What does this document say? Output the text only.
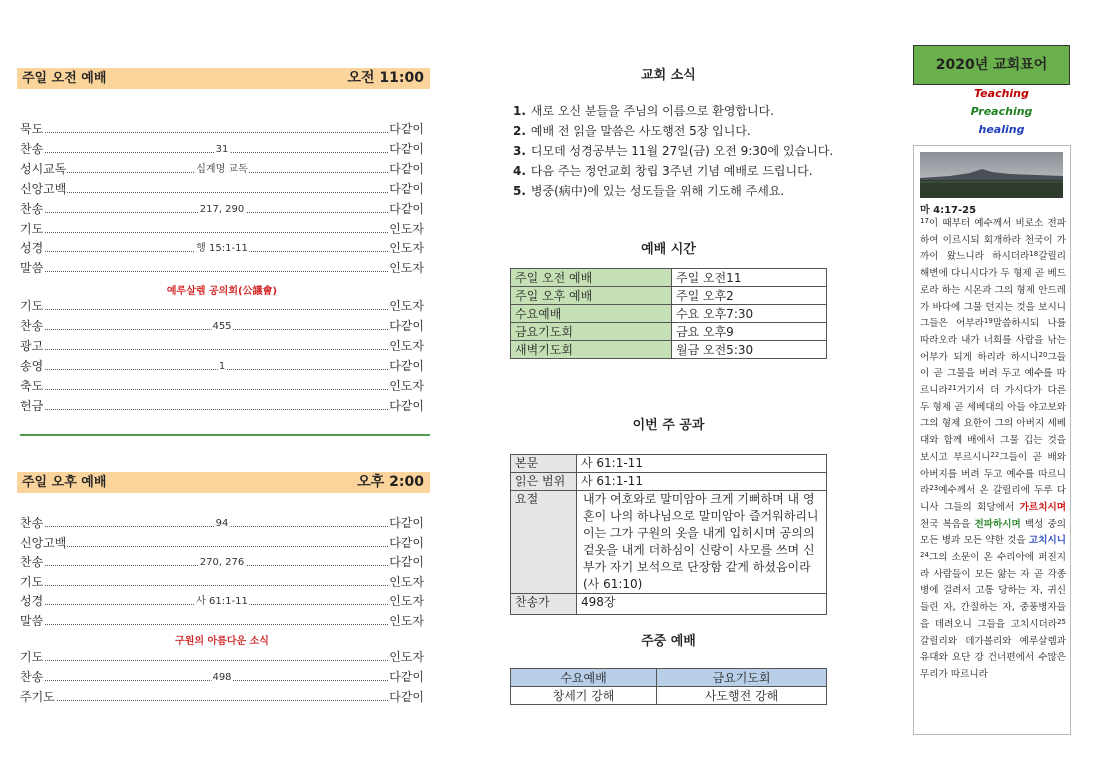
주일 오전 예배	오전 11:00
묵도	다같이
찬송	31	다같이
성시교독	십계명 교독	다같이
신앙고백	다같이
찬송	217, 290	다같이
기도	인도자
성경	행 15:1-11	인도자
말씀	인도자
예루살렘 공의회(公議會)
기도	인도자
찬송	455	다같이
광고	인도자
송영	1	다같이
축도	인도자
헌금	다같이
주일 오후 예배	오후 2:00
찬송	94	다같이
신앙고백	다같이
찬송	270, 276	다같이
기도	인도자
성경	사 61:1-11	인도자
말씀	인도자
구원의 아름다운 소식
기도	인도자
찬송	498	다같이
주기도	다같이
교회 소식
1. 새로 오신 분들을 주님의 이름으로 환영합니다.
2. 예배 전 읽을 말씀은 사도행전 5장 입니다.
3. 디모데 성경공부는 11월 27일(금) 오전 9:30에 있습니다.
4. 다음 주는 정언교회 창립 3주년 기념 예배로 드립니다.
5. 병중(病中)에 있는 성도들을 위해 기도해 주세요.
예배 시간
주일 오전 예배	주일 오전11
주일 오후 예배	주일 오후2
수요예배	수요 오후7:30
금요기도회	금요 오후9
새벽기도회	월금 오전5:30
이번 주 공과
본문	사 61:1-11
읽은 범위	사 61:1-11
요절	내가 여호와로 말미암아 크게 기뻐하며 내 영혼이 나의 하나님으로 말미암아 즐거워하리니 이는 그가 구원의 옷을 내게 입히시며 공의의 겉옷을 내게 더하심이 신랑이 사모를 쓰며 신부가 자기 보석으로 단장함 같게 하셨음이라(사 61:10)
찬송가	498장
주중 예배
수요예배	금요기도회
창세기 강해	사도행전 강해
2020년 교회표어
Teaching
Preaching
healing
마 4:17-25
$^{17}$이 때부터 예수께서 비로소 전파하여 이르시되 회개하라 천국이 가까이 왔느니라 하시더라$^{18}$갈릴리 해변에 다니시다가 두 형제 곧 베드로라 하는 시몬과 그의 형제 안드레가 바다에 그물 던지는 것을 보시니 그들은 어부라$^{19}$말씀하시되 나를 따라오라 내가 너희를 사람을 낚는 어부가 되게 하리라 하시니$^{20}$그들이 곧 그물을 버려 두고 예수를 따르니라$^{21}$거기서 더 가시다가 다른 두 형제 곧 세베대의 아들 야고보와 그의 형제 요한이 그의 아버지 세베대와 함께 배에서 그물 깁는 것을 보시고 부르시니$^{22}$그들이 곧 배와 아버지를 버려 두고 예수를 따르니라$^{23}$예수께서 온 갈릴리에 두루 다니사 그들의 회당에서 가르치시며 천국 복음을 전파하시며 백성 중의 모든 병과 모든 약한 것을 고치시니$^{24}$그의 소문이 온 수리아에 퍼진지라 사람들이 모든 앓는 자 곧 각종 병에 걸려서 고통 당하는 자, 귀신 들린 자, 간질하는 자, 중풍병자들을 데려오니 그들을 고치시더라$^{25}$갈릴리와 데가볼리와 예루살렘과 유대와 요단 강 건너편에서 수많은 무리가 따르니라
